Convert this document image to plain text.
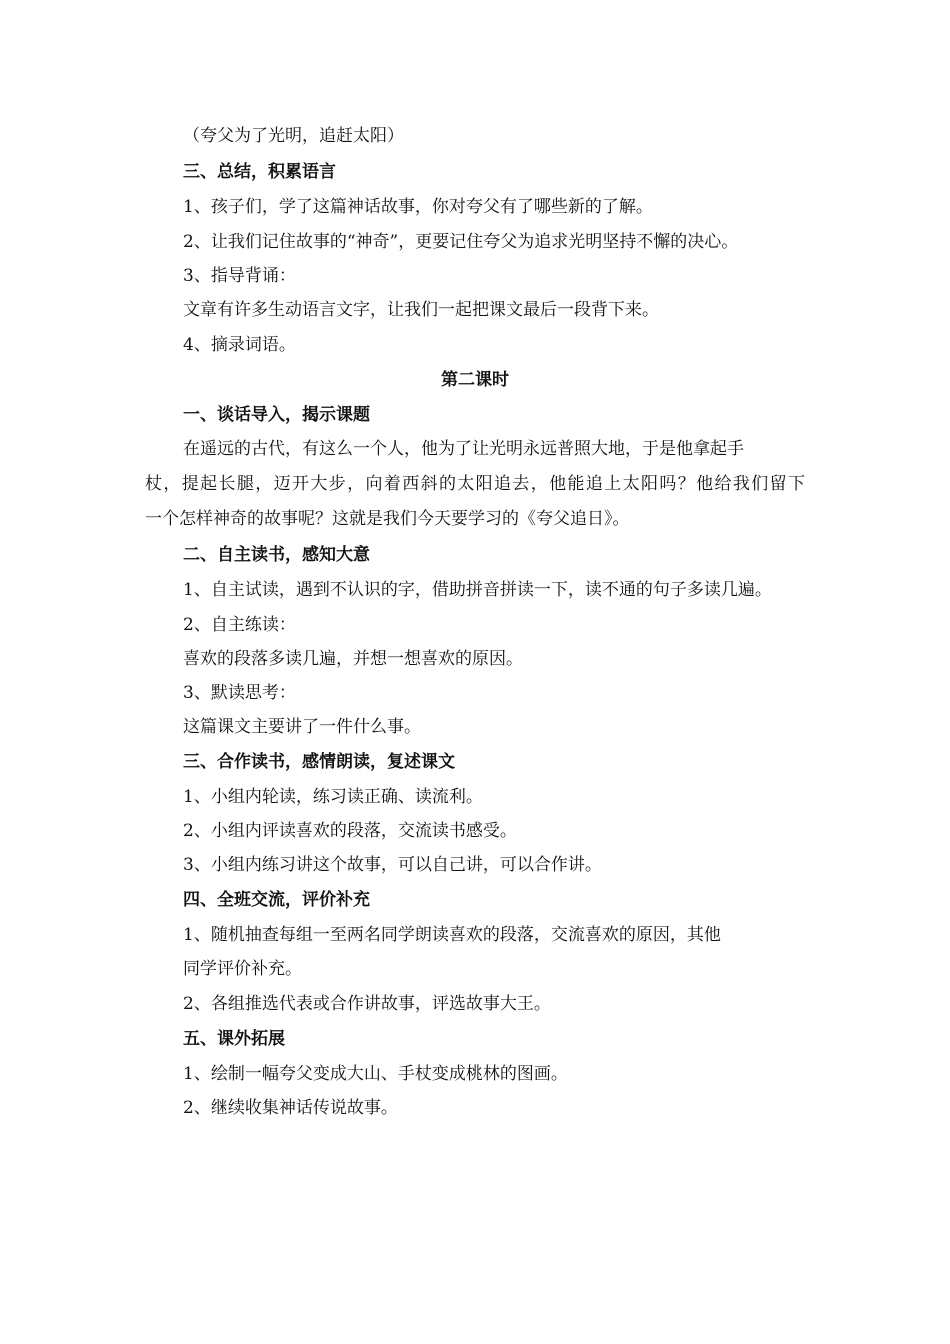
（夸父为了光明，追赶太阳）
三、总结，积累语言
1、孩子们，学了这篇神话故事，你对夸父有了哪些新的了解。
2、让我们记住故事的“神奇”，更要记住夸父为追求光明坚持不懈的决心。
3、指导背诵：
文章有许多生动语言文字，让我们一起把课文最后一段背下来。
4、摘录词语。
第二课时
一、谈话导入，揭示课题
在遥远的古代，有这么一个人，他为了让光明永远普照大地，于是他拿起手
杖，提起长腿，迈开大步，向着西斜的太阳追去，他能追上太阳吗？他给我们留下
一个怎样神奇的故事呢？这就是我们今天要学习的《夸父追日》。
二、自主读书，感知大意
1、自主试读，遇到不认识的字，借助拼音拼读一下，读不通的句子多读几遍。
2、自主练读：
喜欢的段落多读几遍，并想一想喜欢的原因。
3、默读思考：
这篇课文主要讲了一件什么事。
三、合作读书，感情朗读，复述课文
1、小组内轮读，练习读正确、读流利。
2、小组内评读喜欢的段落，交流读书感受。
3、小组内练习讲这个故事，可以自己讲，可以合作讲。
四、全班交流，评价补充
1、随机抽查每组一至两名同学朗读喜欢的段落，交流喜欢的原因，其他
同学评价补充。
2、各组推选代表或合作讲故事，评选故事大王。
五、课外拓展
1、绘制一幅夸父变成大山、手杖变成桃林的图画。
2、继续收集神话传说故事。
